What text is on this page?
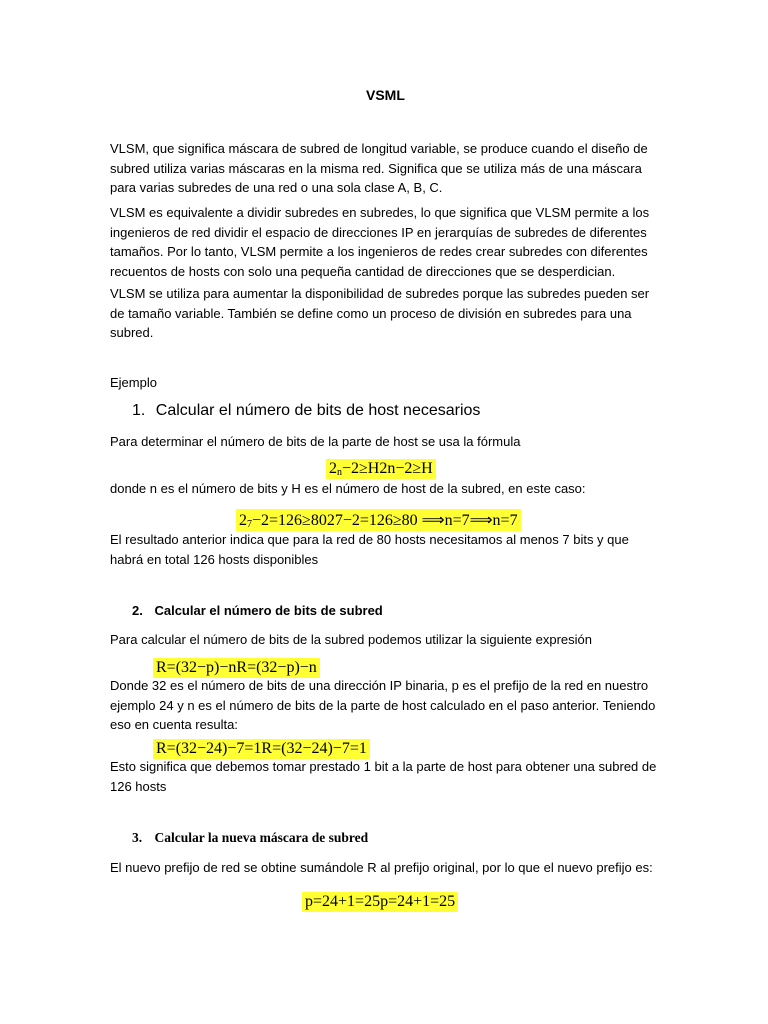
VSML

VLSM, que significa máscara de subred de longitud variable, se produce cuando el diseño de subred utiliza varias máscaras en la misma red. Significa que se utiliza más de una máscara para varias subredes de una red o una sola clase A, B, C.

VLSM es equivalente a dividir subredes en subredes, lo que significa que VLSM permite a los ingenieros de red dividir el espacio de direcciones IP en jerarquías de subredes de diferentes tamaños. Por lo tanto, VLSM permite a los ingenieros de redes crear subredes con diferentes recuentos de hosts con solo una pequeña cantidad de direcciones que se desperdician.

VLSM se utiliza para aumentar la disponibilidad de subredes porque las subredes pueden ser de tamaño variable. También se define como un proceso de división en subredes para una subred.

Ejemplo
1. Calcular el número de bits de host necesarios
Para determinar el número de bits de la parte de host se usa la fórmula
$2_n-2\ge H2n-2\ge H$
donde n es el número de bits y H es el número de host de la subred, en este caso:
$2_7-2=126\ge 8027-2=126\ge 80$ ⟹n=7⟹n=7

El resultado anterior indica que para la red de 80 hosts necesitamos al menos 7 bits y que habrá en total 126 hosts disponibles

2. Calcular el número de bits de subred
Para calcular el número de bits de la subred podemos utilizar la siguiente expresión
R=(32−p)−nR=(32−p)−n

Donde 32 es el número de bits de una dirección IP binaria, p es el prefijo de la red en nuestro ejemplo 24 y n es el número de bits de la parte de host calculado en el paso anterior. Teniendo eso en cuenta resulta:

R=(32−24)−7=1R=(32−24)−7=1

Esto significa que debemos tomar prestado 1 bit a la parte de host para obtener una subred de 126 hosts

3. Calcular la nueva máscara de subred
El nuevo prefijo de red se obtine sumándole R al prefijo original, por lo que el nuevo prefijo es:
p=24+1=25p=24+1=25
